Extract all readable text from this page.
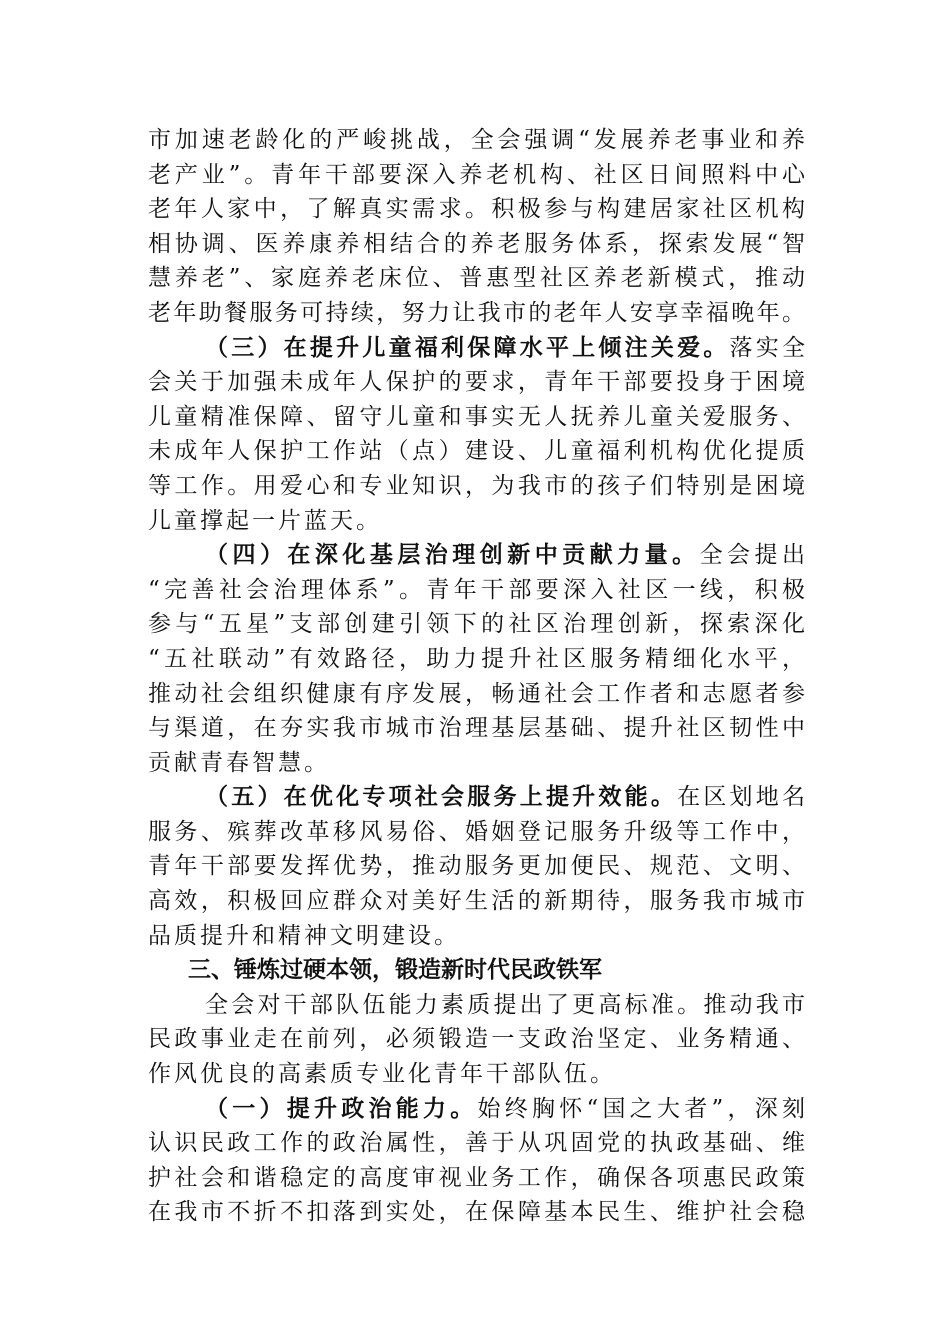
市加速老龄化的严峻挑战，全会强调“发展养老事业和养
老产业”。青年干部要深入养老机构、社区日间照料中心
老年人家中，了解真实需求。积极参与构建居家社区机构
相协调、医养康养相结合的养老服务体系，探索发展“智
慧养老”、家庭养老床位、普惠型社区养老新模式，推动
老年助餐服务可持续，努力让我市的老年人安享幸福晚年。
（三）在提升儿童福利保障水平上倾注关爱。落实全
会关于加强未成年人保护的要求，青年干部要投身于困境
儿童精准保障、留守儿童和事实无人抚养儿童关爱服务、
未成年人保护工作站（点）建设、儿童福利机构优化提质
等工作。用爱心和专业知识，为我市的孩子们特别是困境
儿童撑起一片蓝天。
（四）在深化基层治理创新中贡献力量。全会提出
“完善社会治理体系”。青年干部要深入社区一线，积极
参与“五星”支部创建引领下的社区治理创新，探索深化
“五社联动”有效路径，助力提升社区服务精细化水平，
推动社会组织健康有序发展，畅通社会工作者和志愿者参
与渠道，在夯实我市城市治理基层基础、提升社区韧性中
贡献青春智慧。
（五）在优化专项社会服务上提升效能。在区划地名
服务、殡葬改革移风易俗、婚姻登记服务升级等工作中，
青年干部要发挥优势，推动服务更加便民、规范、文明、
高效，积极回应群众对美好生活的新期待，服务我市城市
品质提升和精神文明建设。
三、锤炼过硬本领，锻造新时代民政铁军
全会对干部队伍能力素质提出了更高标准。推动我市
民政事业走在前列，必须锻造一支政治坚定、业务精通、
作风优良的高素质专业化青年干部队伍。
（一）提升政治能力。始终胸怀“国之大者”，深刻
认识民政工作的政治属性，善于从巩固党的执政基础、维
护社会和谐稳定的高度审视业务工作，确保各项惠民政策
在我市不折不扣落到实处，在保障基本民生、维护社会稳
